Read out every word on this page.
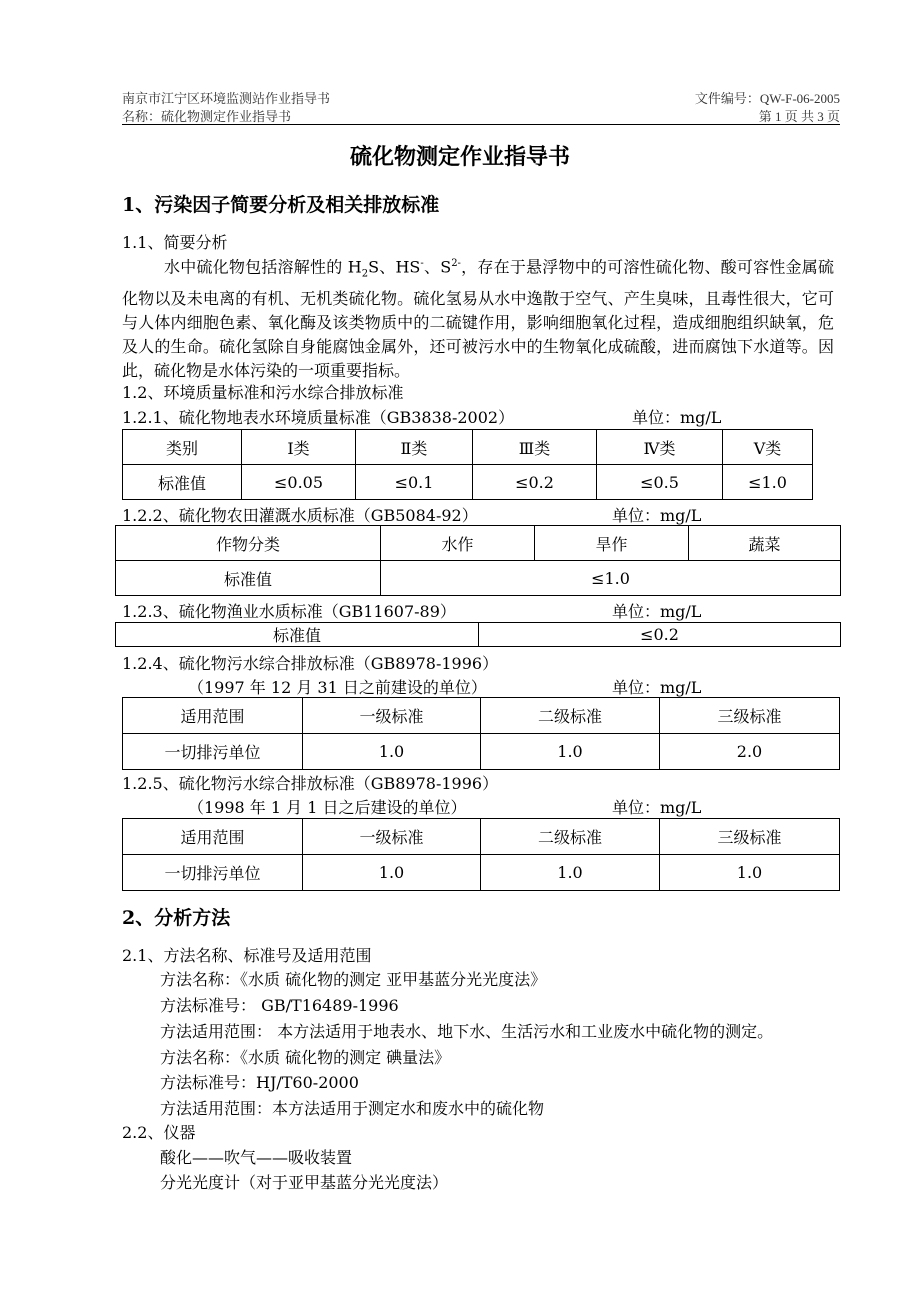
南京市江宁区环境监测站作业指导书	文件编号：QW-F-06-2005
名称：硫化物测定作业指导书	第 1 页 共 3 页
硫化物测定作业指导书
1、污染因子简要分析及相关排放标准
1.1、简要分析
水中硫化物包括溶解性的 $H_2S$、HS-、$S^{2-}$，存在于悬浮物中的可溶性硫化物、酸可容性金属硫化物以及未电离的有机、无机类硫化物。硫化氢易从水中逸散于空气、产生臭味，且毒性很大，它可与人体内细胞色素、氧化酶及该类物质中的二硫键作用，影响细胞氧化过程，造成细胞组织缺氧，危及人的生命。硫化氢除自身能腐蚀金属外，还可被污水中的生物氧化成硫酸，进而腐蚀下水道等。因此，硫化物是水体污染的一项重要指标。
1.2、环境质量标准和污水综合排放标准
1.2.1、硫化物地表水环境质量标准（GB3838-2002）	单位：mg/L
类别	Ⅰ类	Ⅱ类	Ⅲ类	Ⅳ类	Ⅴ类
标准值	≤0.05	≤0.1	≤0.2	≤0.5	≤1.0
1.2.2、硫化物农田灌溉水质标准（GB5084-92）	单位：mg/L
作物分类	水作	旱作	蔬菜
标准值	≤1.0		
1.2.3、硫化物渔业水质标准（GB11607-89）	单位：mg/L
标准值	≤0.2
1.2.4、硫化物污水综合排放标准（GB8978-1996）
（1997 年 12 月 31 日之前建设的单位）	单位：mg/L
适用范围	一级标准	二级标准	三级标准
一切排污单位	1.0	1.0	2.0
1.2.5、硫化物污水综合排放标准（GB8978-1996）
（1998 年 1 月 1 日之后建设的单位）	单位：mg/L
适用范围	一级标准	二级标准	三级标准
一切排污单位	1.0	1.0	1.0
2、分析方法
2.1、方法名称、标准号及适用范围
方法名称：《水质 硫化物的测定 亚甲基蓝分光光度法》
方法标准号： GB/T16489-1996
方法适用范围： 本方法适用于地表水、地下水、生活污水和工业废水中硫化物的测定。
方法名称：《水质 硫化物的测定 碘量法》
方法标准号：HJ/T60-2000
方法适用范围：本方法适用于测定水和废水中的硫化物
2.2、仪器
酸化——吹气——吸收装置
分光光度计（对于亚甲基蓝分光光度法）
